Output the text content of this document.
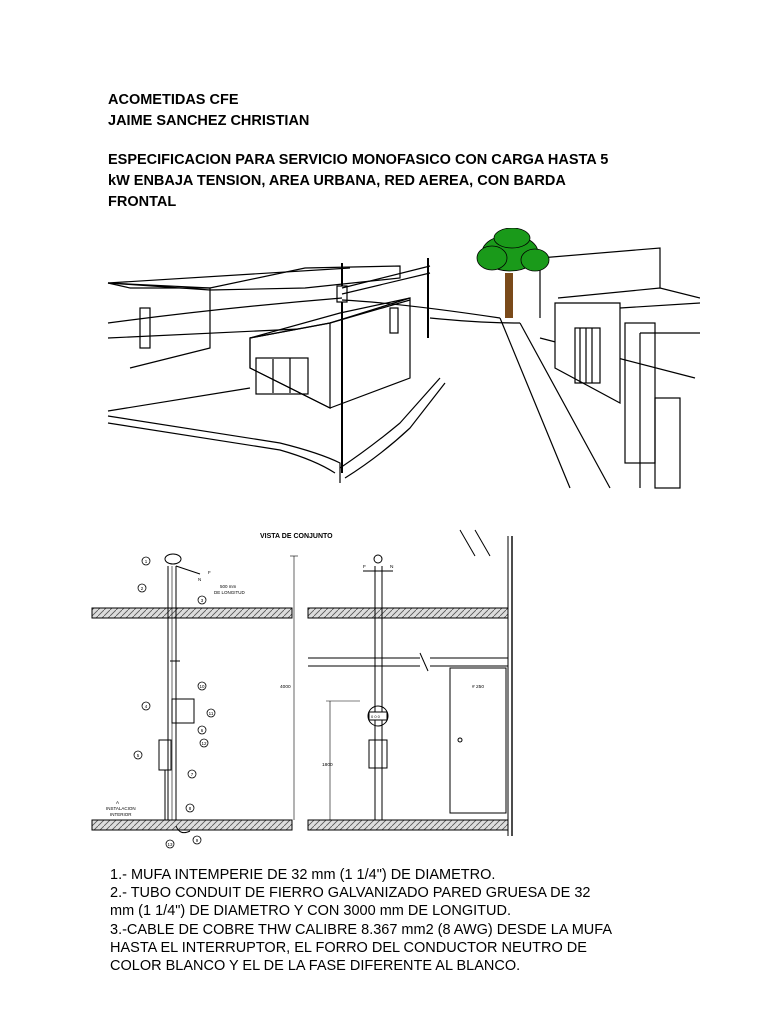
ACOMETIDAS CFE
JAIME SANCHEZ CHRISTIAN
ESPECIFICACION PARA SERVICIO MONOFASICO CON CARGA HASTA 5
kW ENBAJA TENSION, AREA URBANA, RED AEREA, CON BARDA
FRONTAL
VISTA DE CONJUNTO
1
2
3
4
5
7
8
9
10
11
12
13
6
F
N
500 mm
DE LONGITUD
A
INSTALACION
INTERIOR
4000
1800
# 250
0 0 0
F	N
1.- MUFA INTEMPERIE DE 32 mm (1 1/4") DE DIAMETRO.
2.- TUBO CONDUIT DE FIERRO GALVANIZADO PARED GRUESA DE 32
mm (1 1/4") DE DIAMETRO Y CON 3000 mm DE LONGITUD.
3.-CABLE DE COBRE THW CALIBRE 8.367 mm2 (8 AWG) DESDE LA MUFA
HASTA EL INTERRUPTOR, EL FORRO DEL CONDUCTOR NEUTRO DE
COLOR BLANCO Y EL DE LA FASE DIFERENTE AL BLANCO.
